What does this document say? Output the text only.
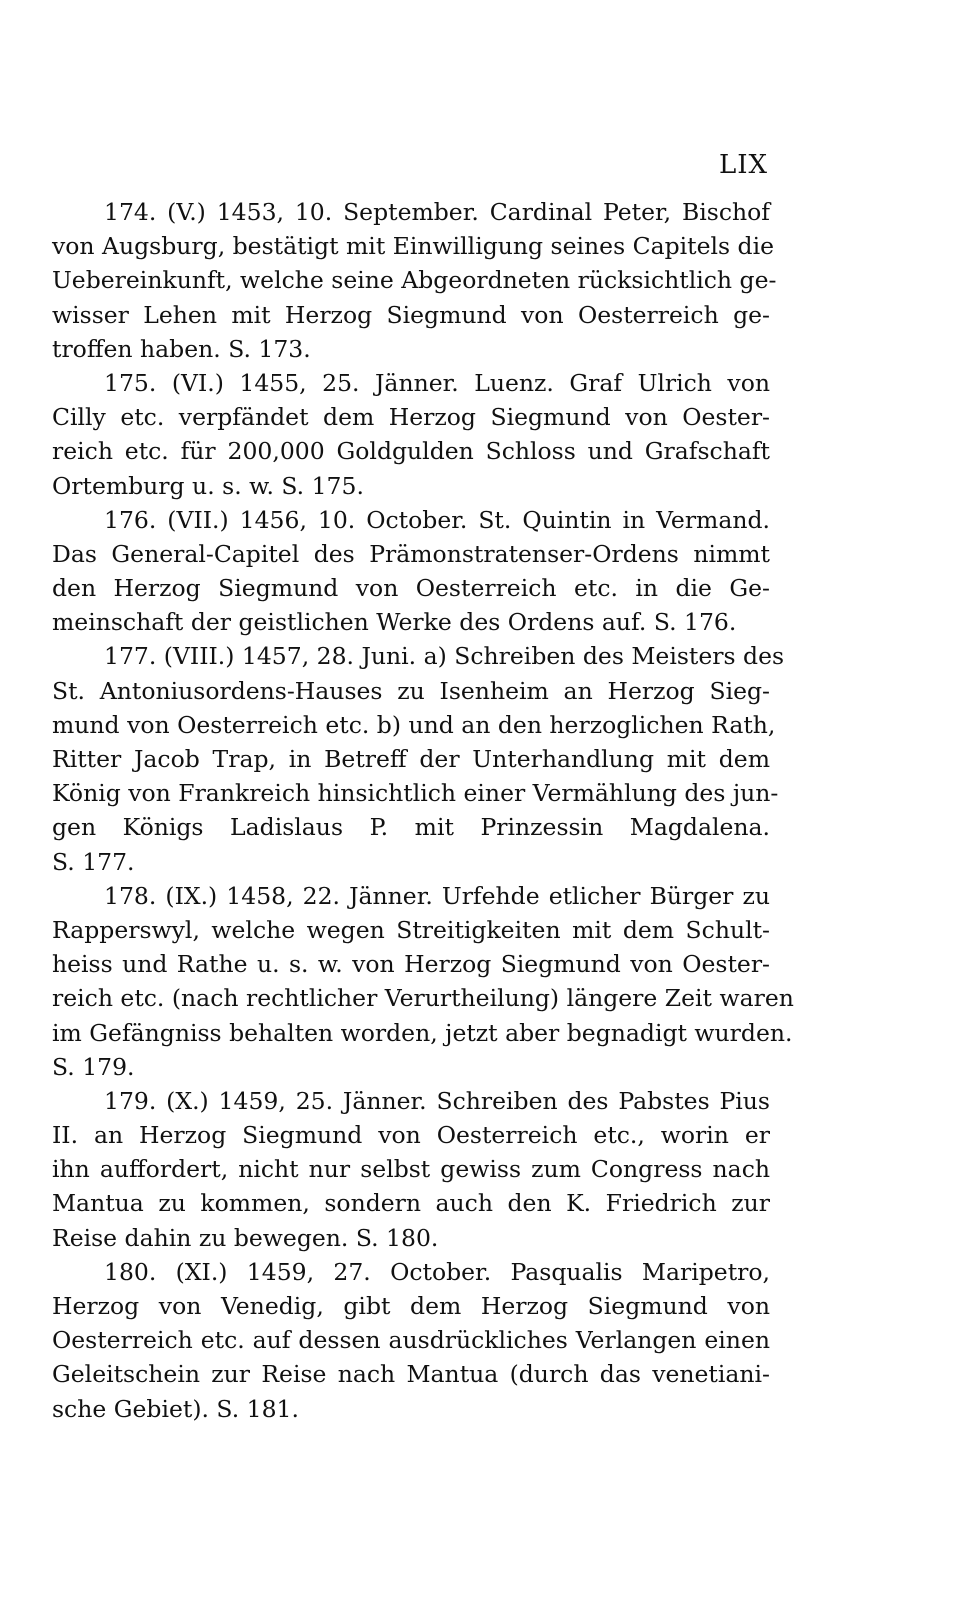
LIX
174. (V.) 1453, 10. September. Cardinal Peter, Bischof
von Augsburg, bestätigt mit Einwilligung seines Capitels die
Uebereinkunft, welche seine Abgeordneten rücksichtlich ge-
wisser Lehen mit Herzog Siegmund von Oesterreich ge-
troffen haben. S. 173.
175. (VI.) 1455, 25. Jänner. Luenz. Graf Ulrich von
Cilly etc. verpfändet dem Herzog Siegmund von Oester-
reich etc. für 200,000 Goldgulden Schloss und Grafschaft
Ortemburg u. s. w. S. 175.
176. (VII.) 1456, 10. October. St. Quintin in Vermand.
Das General-Capitel des Prämonstratenser-Ordens nimmt
den Herzog Siegmund von Oesterreich etc. in die Ge-
meinschaft der geistlichen Werke des Ordens auf. S. 176.
177. (VIII.) 1457, 28. Juni. a) Schreiben des Meisters des
St. Antoniusordens-Hauses zu Isenheim an Herzog Sieg-
mund von Oesterreich etc. b) und an den herzoglichen Rath,
Ritter Jacob Trap, in Betreff der Unterhandlung mit dem
König von Frankreich hinsichtlich einer Vermählung des jun-
gen Königs Ladislaus P. mit Prinzessin Magdalena.
S. 177.
178. (IX.) 1458, 22. Jänner. Urfehde etlicher Bürger zu
Rapperswyl, welche wegen Streitigkeiten mit dem Schult-
heiss und Rathe u. s. w. von Herzog Siegmund von Oester-
reich etc. (nach rechtlicher Verurtheilung) längere Zeit waren
im Gefängniss behalten worden, jetzt aber begnadigt wurden.
S. 179.
179. (X.) 1459, 25. Jänner. Schreiben des Pabstes Pius
II. an Herzog Siegmund von Oesterreich etc., worin er
ihn auffordert, nicht nur selbst gewiss zum Congress nach
Mantua zu kommen, sondern auch den K. Friedrich zur
Reise dahin zu bewegen. S. 180.
180. (XI.) 1459, 27. October. Pasqualis Maripetro,
Herzog von Venedig, gibt dem Herzog Siegmund von
Oesterreich etc. auf dessen ausdrückliches Verlangen einen
Geleitschein zur Reise nach Mantua (durch das venetiani-
sche Gebiet). S. 181.
